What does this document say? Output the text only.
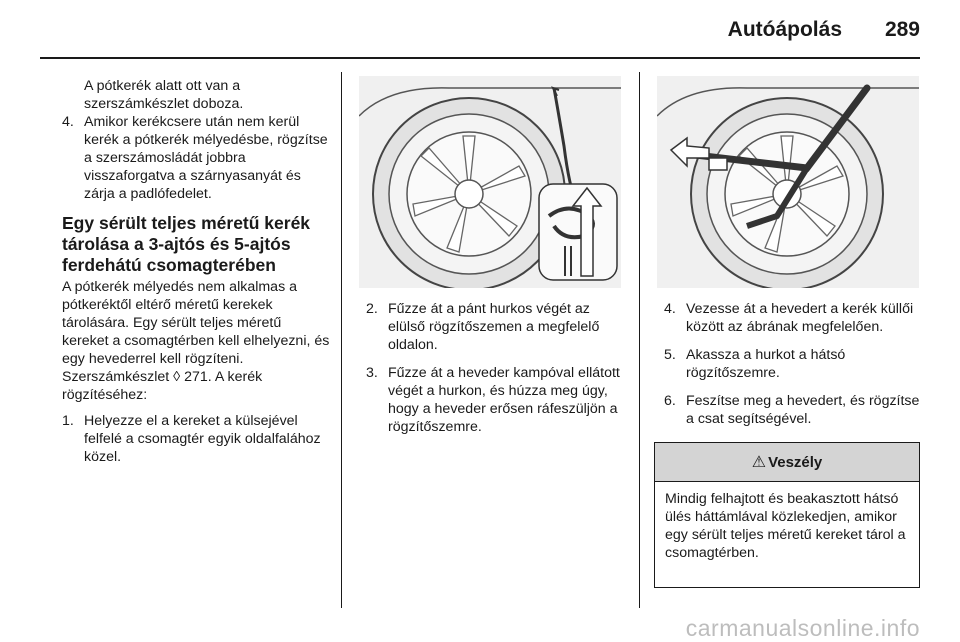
Autóápolás 289

A pótkerék alatt ott van a szerszámkészlet doboza.

4. Amikor kerékcsere után nem kerül kerék a pótkerék mélyedésbe, rögzítse a szerszámosládát jobbra visszaforgatva a szárnyasanyát és zárja a padlófedelet.
Egy sérült teljes méretű kerék tárolása a 3-ajtós és 5-ajtós ferdehátú csomagterében

A pótkerék mélyedés nem alkalmas a pótkeréktől eltérő méretű kerekek tárolására. Egy sérült teljes méretű kereket a csomagtérben kell elhelyezni, és egy hevederrel kell rögzíteni. Szerszámkészlet ◊ 271. A kerék rögzítéséhez:

1. Helyezze el a kereket a külsejével felfelé a csomagtér egyik oldalfalához közel.
2. Fűzze át a pánt hurkos végét az elülső rögzítőszemen a megfelelő oldalon.
3. Fűzze át a heveder kampóval ellátott végét a hurkon, és húzza meg úgy, hogy a heveder erősen ráfeszüljön a rögzítőszemre.
4. Vezesse át a hevedert a kerék küllői között az ábrának megfelelően.
5. Akassza a hurkot a hátsó rögzítőszemre.
6. Feszítse meg a hevedert, és rögzítse a csat segítségével.
⚠ Veszély
Mindig felhajtott és beakasztott hátsó ülés háttámlával közlekedjen, amikor egy sérült teljes méretű kereket tárol a csomagtérben.
carmanualsonline.info
